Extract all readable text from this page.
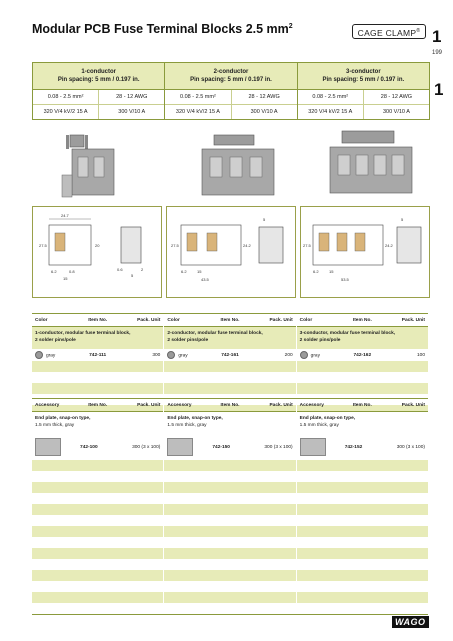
Modular PCB Fuse Terminal Blocks 2.5 $mm^2$
CAGE CLAMP® 1
199
1
1-conductor
Pin spacing: 5 mm / 0.197 in.
0.08 - 2.5 mm²	28 - 12 AWG
320 V/4 kV/2 15 A	300 V/10 A
2-conductor
Pin spacing: 5 mm / 0.197 in.
0.08 - 2.5 mm²	28 - 12 AWG
320 V/4 kV/2 15 A	300 V/10 A
3-conductor
Pin spacing: 5 mm / 0.197 in.
0.08 - 2.5 mm²	28 - 12 AWG
320 V/4 kV/2 15 A	300 V/10 A
24.7
27.5	20
6.2	0.8
15
0.6	2
5
5
27.5	24.2
6.2	15
43.5
5
27.5	24.2
6.2	15
53.5
Color	Item No.	Pack. Unit
1-conductor, modular fuse terminal block,
2 solder pins/pole
gray	742-111	300
Color	Item No.	Pack. Unit
2-conductor, modular fuse terminal block,
2 solder pins/pole
gray	742-161	200
Color	Item No.	Pack. Unit
3-conductor, modular fuse terminal block,
2 solder pins/pole
gray	742-162	100
Accessory	Item No.	Pack. Unit
End plate, snap-on type,
1.5 mm thick, gray
742-100	300 (3 x 100)
Accessory	Item No.	Pack. Unit
End plate, snap-on type,
1.5 mm thick, gray
742-150	300 (3 x 100)
Accessory	Item No.	Pack. Unit
End plate, snap-on type,
1.5 mm thick, gray
742-152	300 (3 x 100)
WAGO
